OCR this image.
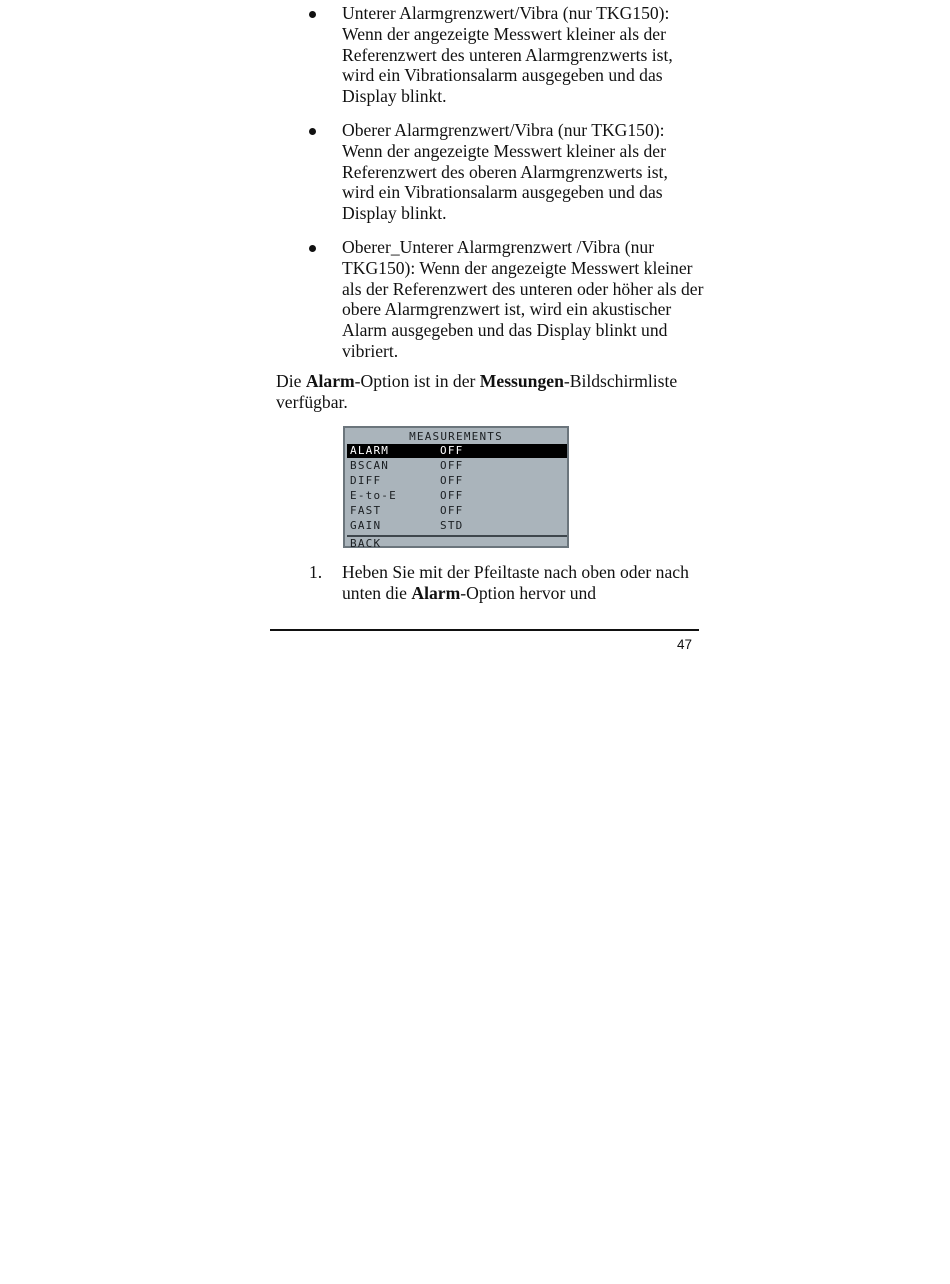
Unterer Alarmgrenzwert/Vibra (nur TKG150): Wenn der angezeigte Messwert kleiner als der Referenzwert des unteren Alarmgrenzwerts ist, wird ein Vibrationsalarm ausgegeben und das Display blinkt.
Oberer Alarmgrenzwert/Vibra (nur TKG150): Wenn der angezeigte Messwert kleiner als der Referenzwert des oberen Alarmgrenzwerts ist, wird ein Vibrationsalarm ausgegeben und das Display blinkt.
Oberer_Unterer Alarmgrenzwert /Vibra (nur TKG150): Wenn der angezeigte Messwert kleiner als der Referenzwert des unteren oder höher als der obere Alarmgrenzwert ist, wird ein akustischer Alarm ausgegeben und das Display blinkt und vibriert.

Die Alarm-Option ist in der Messungen-Bildschirmliste verfügbar.

MEASUREMENTS
ALARM	OFF
BSCAN	OFF
DIFF	OFF
E-to-E	OFF
FAST	OFF
GAIN	STD
BACK
1.	Heben Sie mit der Pfeiltaste nach oben oder nach unten die Alarm-Option hervor und
47
